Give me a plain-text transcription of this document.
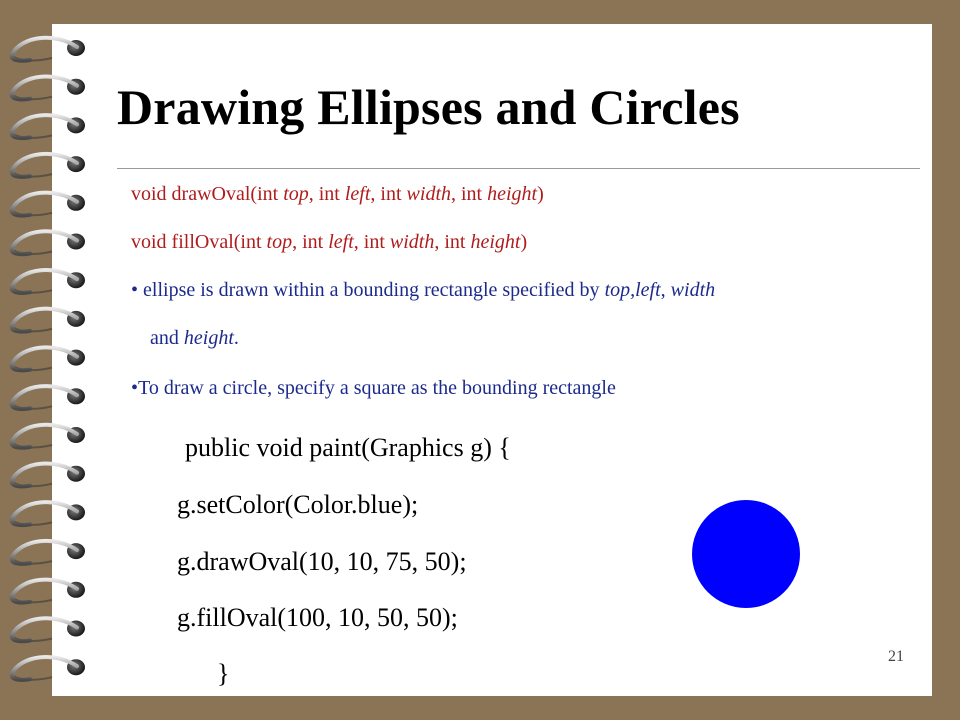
Drawing Ellipses and Circles
void drawOval(int top, int left, int width, int height)
void fillOval(int top, int left, int width, int height)
• ellipse is drawn within a bounding rectangle specified by top,left, width
and height.
•To draw a circle, specify a square as the bounding rectangle
public void paint(Graphics g) {
g.setColor(Color.blue);
g.drawOval(10, 10, 75, 50);
g.fillOval(100, 10, 50, 50);
}
21
